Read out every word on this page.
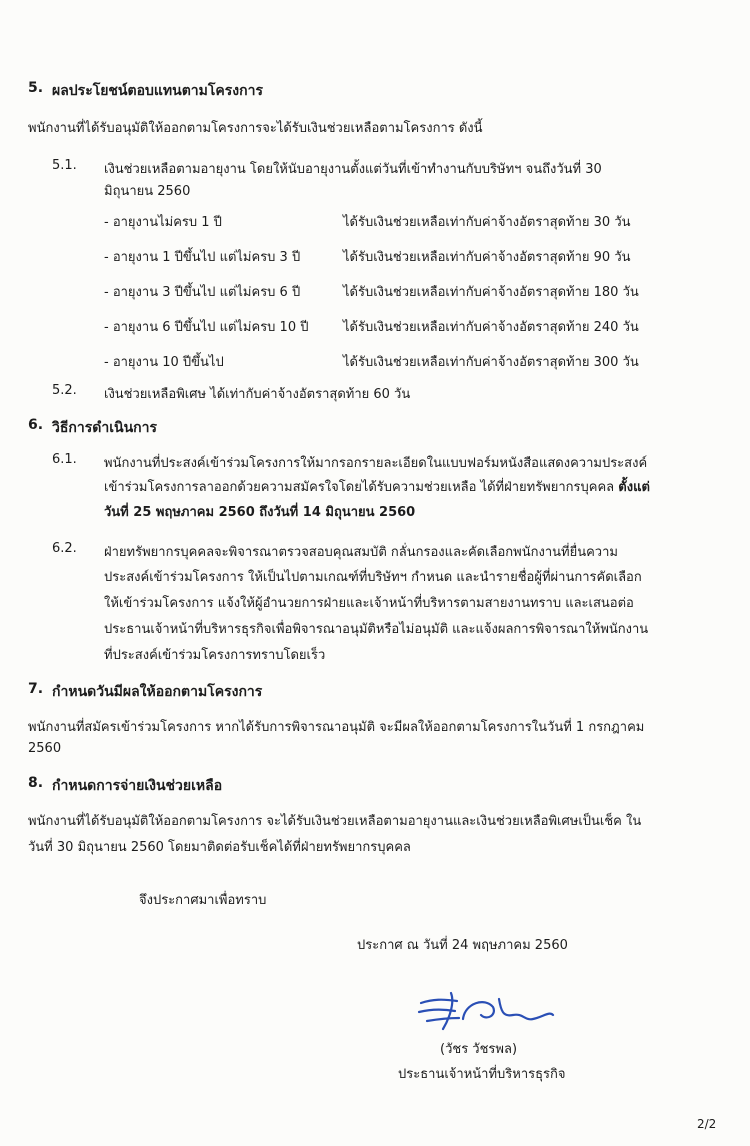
5. ผลประโยชน์ตอบแทนตามโครงการ
พนักงานที่ได้รับอนุมัติให้ออกตามโครงการจะได้รับเงินช่วยเหลือตามโครงการ ดังนี้
5.1. เงินช่วยเหลือตามอายุงาน โดยให้นับอายุงานตั้งแต่วันที่เข้าทำงานกับบริษัทฯ จนถึงวันที่ 30
มิถุนายน 2560
- อายุงานไม่ครบ 1 ปี	ได้รับเงินช่วยเหลือเท่ากับค่าจ้างอัตราสุดท้าย 30 วัน
- อายุงาน 1 ปีขึ้นไป แต่ไม่ครบ 3 ปี	ได้รับเงินช่วยเหลือเท่ากับค่าจ้างอัตราสุดท้าย 90 วัน
- อายุงาน 3 ปีขึ้นไป แต่ไม่ครบ 6 ปี	ได้รับเงินช่วยเหลือเท่ากับค่าจ้างอัตราสุดท้าย 180 วัน
- อายุงาน 6 ปีขึ้นไป แต่ไม่ครบ 10 ปี	ได้รับเงินช่วยเหลือเท่ากับค่าจ้างอัตราสุดท้าย 240 วัน
- อายุงาน 10 ปีขึ้นไป	ได้รับเงินช่วยเหลือเท่ากับค่าจ้างอัตราสุดท้าย 300 วัน
5.2. เงินช่วยเหลือพิเศษ ได้เท่ากับค่าจ้างอัตราสุดท้าย 60 วัน
6. วิธีการดำเนินการ
6.1. พนักงานที่ประสงค์เข้าร่วมโครงการให้มากรอกรายละเอียดในแบบฟอร์มหนังสือแสดงความประสงค์
เข้าร่วมโครงการลาออกด้วยความสมัครใจโดยได้รับความช่วยเหลือ ได้ที่ฝ่ายทรัพยากรบุคคล ตั้งแต่
วันที่ 25 พฤษภาคม 2560 ถึงวันที่ 14 มิถุนายน 2560
6.2. ฝ่ายทรัพยากรบุคคลจะพิจารณาตรวจสอบคุณสมบัติ กลั่นกรองและคัดเลือกพนักงานที่ยื่นความ
ประสงค์เข้าร่วมโครงการ ให้เป็นไปตามเกณฑ์ที่บริษัทฯ กำหนด และนำรายชื่อผู้ที่ผ่านการคัดเลือก
ให้เข้าร่วมโครงการ แจ้งให้ผู้อำนวยการฝ่ายและเจ้าหน้าที่บริหารตามสายงานทราบ และเสนอต่อ
ประธานเจ้าหน้าที่บริหารธุรกิจเพื่อพิจารณาอนุมัติหรือไม่อนุมัติ และแจ้งผลการพิจารณาให้พนักงาน
ที่ประสงค์เข้าร่วมโครงการทราบโดยเร็ว
7. กำหนดวันมีผลให้ออกตามโครงการ
พนักงานที่สมัครเข้าร่วมโครงการ หากได้รับการพิจารณาอนุมัติ จะมีผลให้ออกตามโครงการในวันที่ 1 กรกฎาคม
2560
8. กำหนดการจ่ายเงินช่วยเหลือ
พนักงานที่ได้รับอนุมัติให้ออกตามโครงการ จะได้รับเงินช่วยเหลือตามอายุงานและเงินช่วยเหลือพิเศษเป็นเช็ค ใน
วันที่ 30 มิถุนายน 2560 โดยมาติดต่อรับเช็คได้ที่ฝ่ายทรัพยากรบุคคล
จึงประกาศมาเพื่อทราบ
ประกาศ ณ วันที่ 24 พฤษภาคม 2560
(วัชร วัชรพล)
ประธานเจ้าหน้าที่บริหารธุรกิจ
2/2
